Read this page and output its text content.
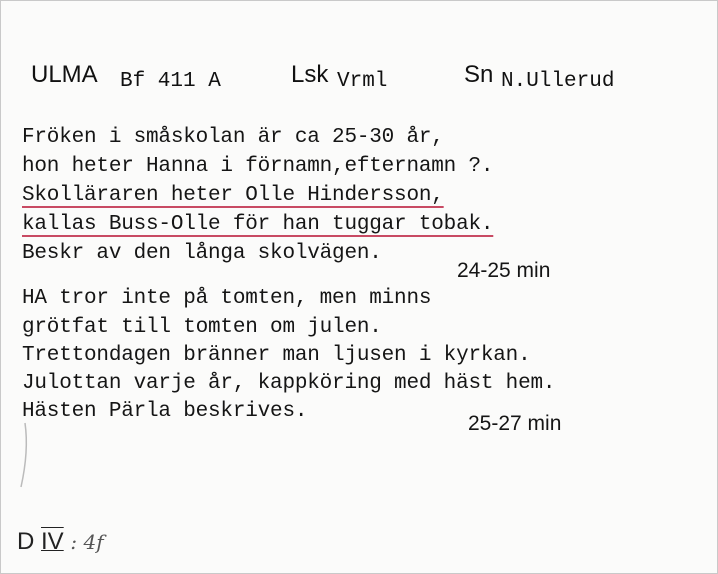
ULMA Bf 411 A	Lsk Vrml	Sn N.Ullerud
Fröken i småskolan är ca 25-30 år,
hon heter Hanna i förnamn,efternamn ?.
Skolläraren heter Olle Hindersson,
kallas Buss-Olle för han tuggar tobak.
Beskr av den långa skolvägen.
24-25 min
HA tror inte på tomten, men minns
grötfat till tomten om julen.
Trettondagen bränner man ljusen i kyrkan.
Julottan varje år, kappköring med häst hem.
Hästen Pärla beskrives.
25-27 min
D IV : 4f
